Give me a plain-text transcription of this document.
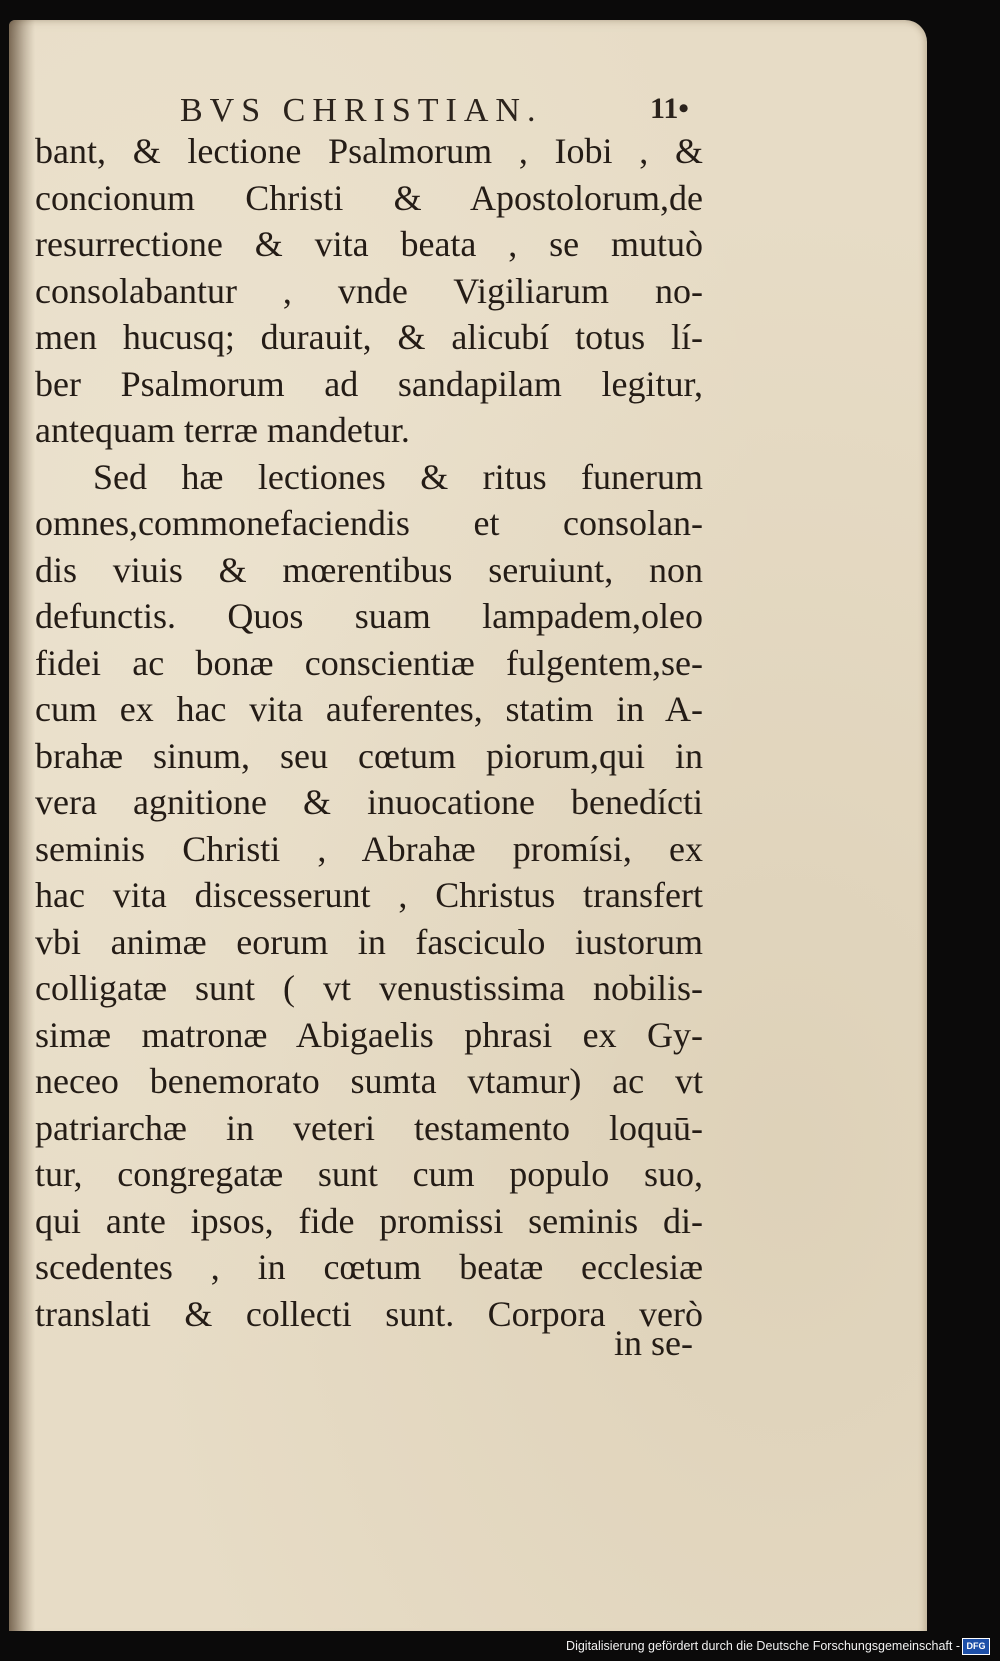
BVS CHRISTIAN.	11•
bant, & lectione Psalmorum , Iobi , &
concionum Christi & Apostolorum,de
resurrectione & vita beata , se mutuò
consolabantur , vnde Vigiliarum no-
men hucusq; durauit, & alicubí totus lí-
ber Psalmorum ad sandapilam legitur,
antequam terræ mandetur.
Sed hæ lectiones & ritus funerum
omnes,commonefaciendis et consolan-
dis viuis & mœrentibus seruiunt, non
defunctis. Quos suam lampadem,oleo
fidei ac bonæ conscientiæ fulgentem,se-
cum ex hac vita auferentes, statim in A-
brahæ sinum, seu cœtum piorum,qui in
vera agnitione & inuocatione benedícti
seminis Christi , Abrahæ promísi, ex
hac vita discesserunt , Christus transfert
vbi animæ eorum in fasciculo iustorum
colligatæ sunt ( vt venustissima nobilis-
simæ matronæ Abigaelis phrasi ex Gy-
neceo benemorato sumta vtamur) ac vt
patriarchæ in veteri testamento loquū-
tur, congregatæ sunt cum populo suo,
qui ante ipsos, fide promissi seminis di-
scedentes , in cœtum beatæ ecclesiæ
translati & collecti sunt. Corpora verò
in se-
Digitalisierung gefördert durch die Deutsche Forschungsgemeinschaft - DFG
